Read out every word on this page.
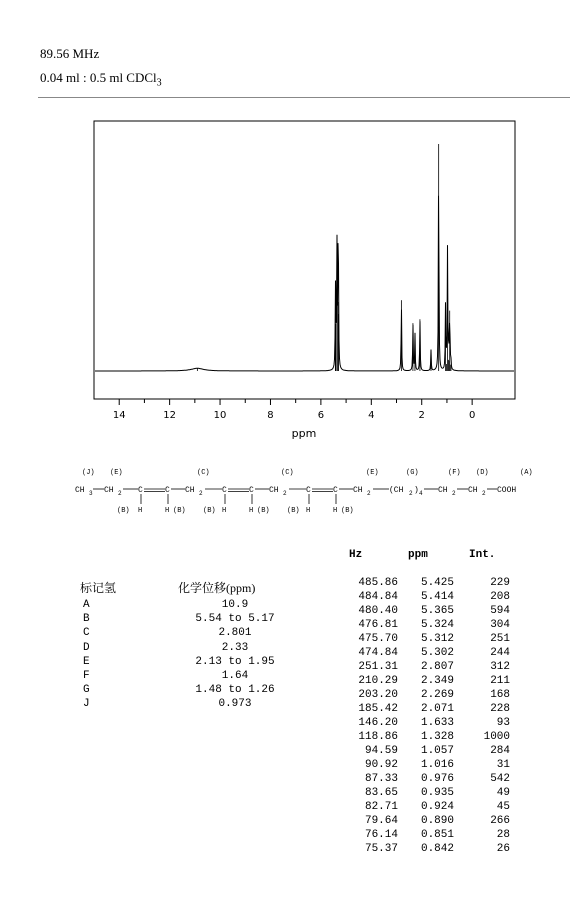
89.56 MHz
0.04 ml : 0.5 ml CDCl$_3$
14	12	10	8	6	4	2	0
ppm
(J) (E)	(C)	(C)	(E)	(G)	(F) (D)	(A)
CH 3 CH 2 C	C CH 2 C	C CH 2 C	C CH 2 (CH 2 ) 4 CH 2 CH 2 COOH
(B) H	H (B) (B) H	H (B) (B) H	H (B)
标记氢	化学位移(ppm)
A	10.9
B	5.54 to 5.17
C	2.801
D	2.33
E	2.13 to 1.95
F	1.64
G	1.48 to 1.26
J	0.973
Hz	ppm	Int.
485.86	5.425	229
484.84	5.414	208
480.40	5.365	594
476.81	5.324	304
475.70	5.312	251
474.84	5.302	244
251.31	2.807	312
210.29	2.349	211
203.20	2.269	168
185.42	2.071	228
146.20	1.633	93
118.86	1.328	1000
94.59	1.057	284
90.92	1.016	31
87.33	0.976	542
83.65	0.935	49
82.71	0.924	45
79.64	0.890	266
76.14	0.851	28
75.37	0.842	26
